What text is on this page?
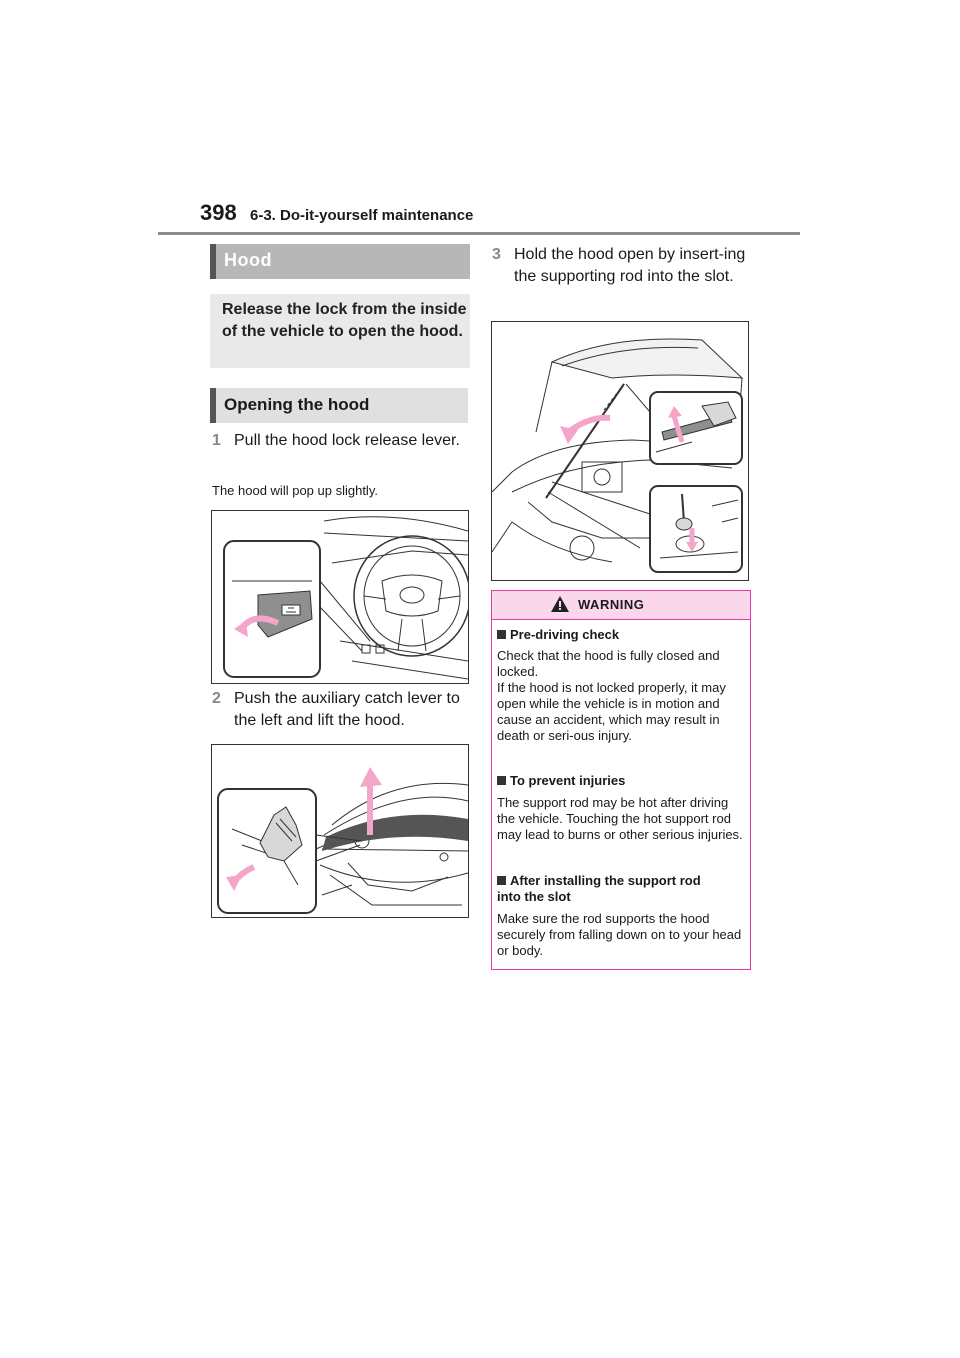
398 6-3. Do-it-yourself maintenance
Hood
Release the lock from the inside of the vehicle to open the hood.
Opening the hood
1 Pull the hood lock release lever.
The hood will pop up slightly.
2 Push the auxiliary catch lever to the left and lift the hood.
3 Hold the hood open by insert-ing the supporting rod into the slot.
WARNING
Pre-driving check
Check that the hood is fully closed and locked.
If the hood is not locked properly, it may open while the vehicle is in motion and cause an accident, which may result in death or seri-ous injury.
To prevent injuries
The support rod may be hot after driving the vehicle. Touching the hot support rod may lead to burns or other serious injuries.
After installing the support rod into the slot
Make sure the rod supports the hood securely from falling down on to your head or body.
